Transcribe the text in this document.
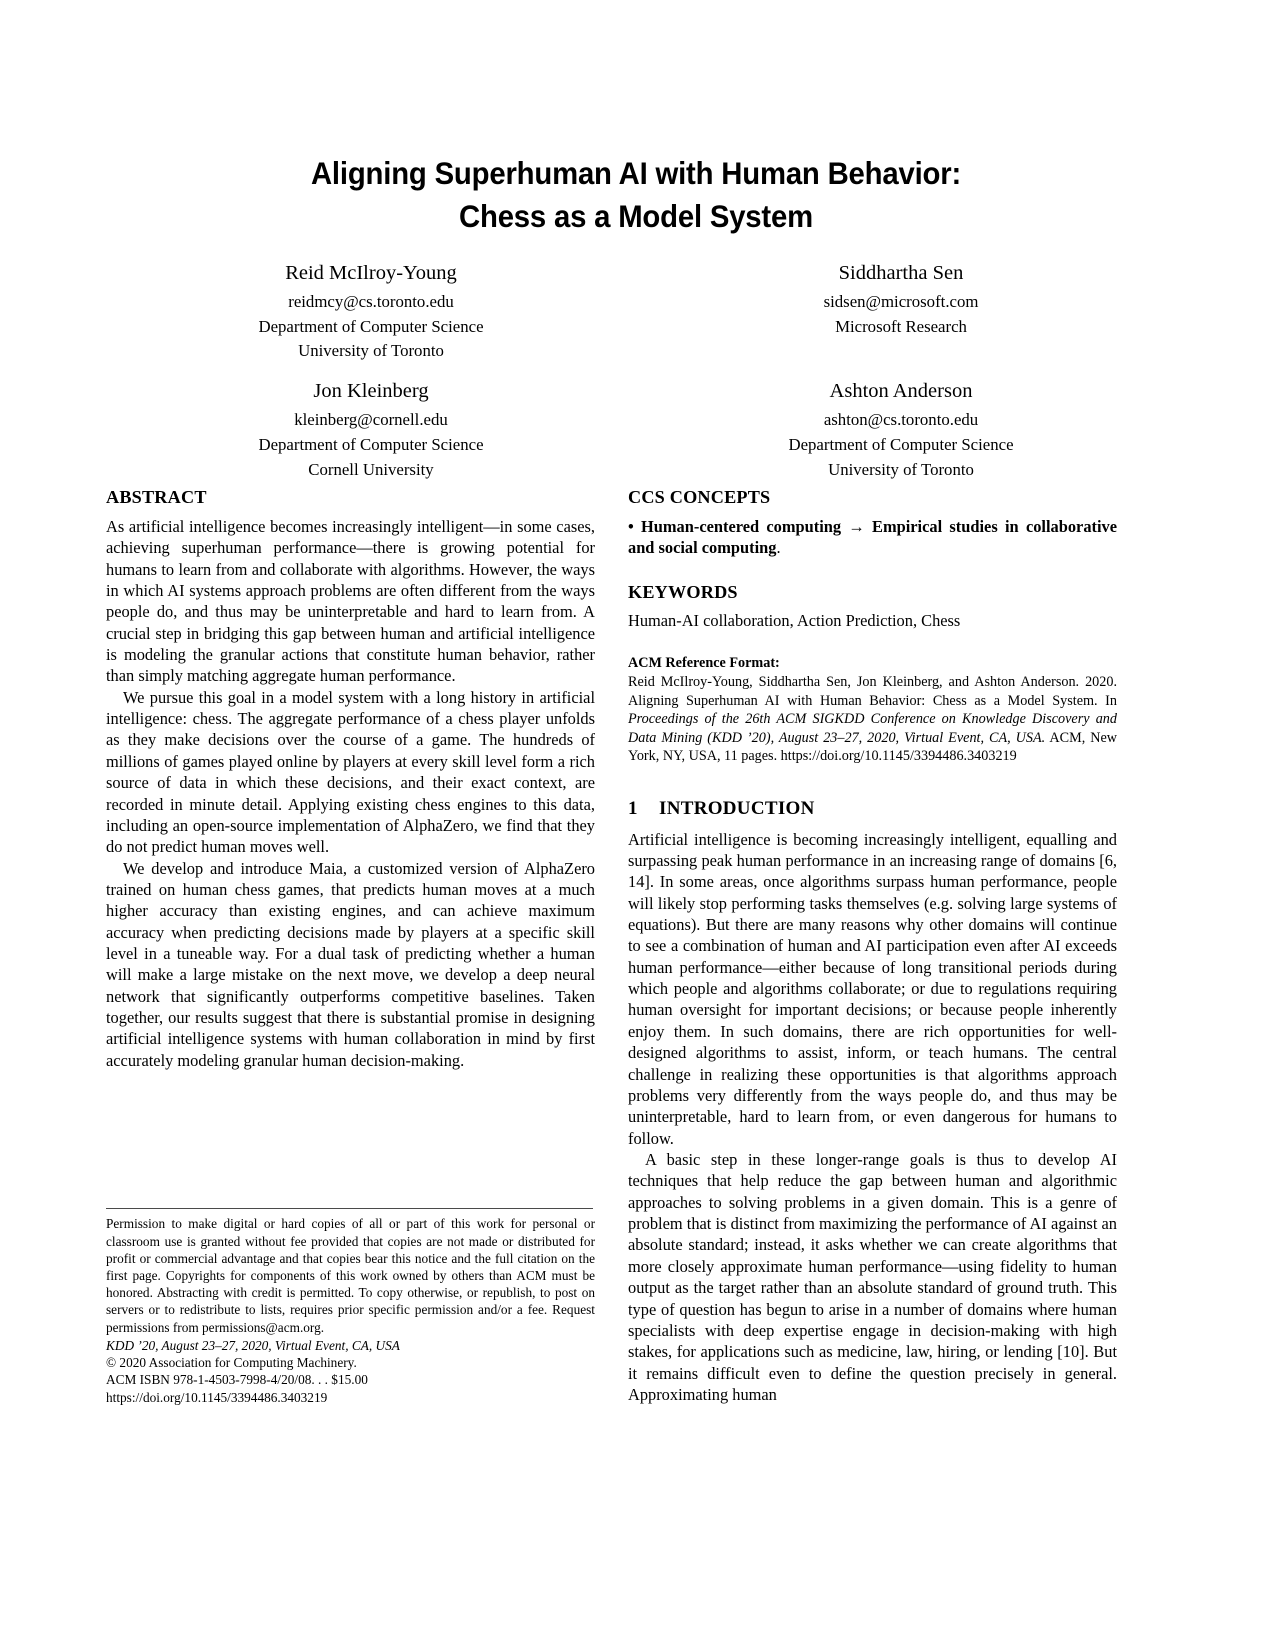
Aligning Superhuman AI with Human Behavior:
Chess as a Model System
Reid McIlroy-Young
reidmcy@cs.toronto.edu
Department of Computer Science
University of Toronto
Siddhartha Sen
sidsen@microsoft.com
Microsoft Research
Jon Kleinberg
kleinberg@cornell.edu
Department of Computer Science
Cornell University
Ashton Anderson
ashton@cs.toronto.edu
Department of Computer Science
University of Toronto
ABSTRACT

As artificial intelligence becomes increasingly intelligent—in some cases, achieving superhuman performance—there is growing potential for humans to learn from and collaborate with algorithms. However, the ways in which AI systems approach problems are often different from the ways people do, and thus may be uninterpretable and hard to learn from. A crucial step in bridging this gap between human and artificial intelligence is modeling the granular actions that constitute human behavior, rather than simply matching aggregate human performance.

We pursue this goal in a model system with a long history in artificial intelligence: chess. The aggregate performance of a chess player unfolds as they make decisions over the course of a game. The hundreds of millions of games played online by players at every skill level form a rich source of data in which these decisions, and their exact context, are recorded in minute detail. Applying existing chess engines to this data, including an open-source implementation of AlphaZero, we find that they do not predict human moves well.

We develop and introduce Maia, a customized version of AlphaZero trained on human chess games, that predicts human moves at a much higher accuracy than existing engines, and can achieve maximum accuracy when predicting decisions made by players at a specific skill level in a tuneable way. For a dual task of predicting whether a human will make a large mistake on the next move, we develop a deep neural network that significantly outperforms competitive baselines. Taken together, our results suggest that there is substantial promise in designing artificial intelligence systems with human collaboration in mind by first accurately modeling granular human decision-making.

CCS CONCEPTS

• Human-centered computing → Empirical studies in collaborative and social computing.

KEYWORDS

Human-AI collaboration, Action Prediction, Chess

ACM Reference Format:
Reid McIlroy-Young, Siddhartha Sen, Jon Kleinberg, and Ashton Anderson. 2020. Aligning Superhuman AI with Human Behavior: Chess as a Model System. In Proceedings of the 26th ACM SIGKDD Conference on Knowledge Discovery and Data Mining (KDD ’20), August 23–27, 2020, Virtual Event, CA, USA. ACM, New York, NY, USA, 11 pages. https://doi.org/10.1145/3394486.3403219
1 INTRODUCTION

Artificial intelligence is becoming increasingly intelligent, equalling and surpassing peak human performance in an increasing range of domains [6, 14]. In some areas, once algorithms surpass human performance, people will likely stop performing tasks themselves (e.g. solving large systems of equations). But there are many reasons why other domains will continue to see a combination of human and AI participation even after AI exceeds human performance—either because of long transitional periods during which people and algorithms collaborate; or due to regulations requiring human oversight for important decisions; or because people inherently enjoy them. In such domains, there are rich opportunities for well-designed algorithms to assist, inform, or teach humans. The central challenge in realizing these opportunities is that algorithms approach problems very differently from the ways people do, and thus may be uninterpretable, hard to learn from, or even dangerous for humans to follow.

A basic step in these longer-range goals is thus to develop AI techniques that help reduce the gap between human and algorithmic approaches to solving problems in a given domain. This is a genre of problem that is distinct from maximizing the performance of AI against an absolute standard; instead, it asks whether we can create algorithms that more closely approximate human performance—using fidelity to human output as the target rather than an absolute standard of ground truth. This type of question has begun to arise in a number of domains where human specialists with deep expertise engage in decision-making with high stakes, for applications such as medicine, law, hiring, or lending [10]. But it remains difficult even to define the question precisely in general. Approximating human

Permission to make digital or hard copies of all or part of this work for personal or classroom use is granted without fee provided that copies are not made or distributed for profit or commercial advantage and that copies bear this notice and the full citation on the first page. Copyrights for components of this work owned by others than ACM must be honored. Abstracting with credit is permitted. To copy otherwise, or republish, to post on servers or to redistribute to lists, requires prior specific permission and/or a fee. Request permissions from permissions@acm.org.

KDD ’20, August 23–27, 2020, Virtual Event, CA, USA

© 2020 Association for Computing Machinery.

ACM ISBN 978-1-4503-7998-4/20/08. . . $15.00

https://doi.org/10.1145/3394486.3403219
